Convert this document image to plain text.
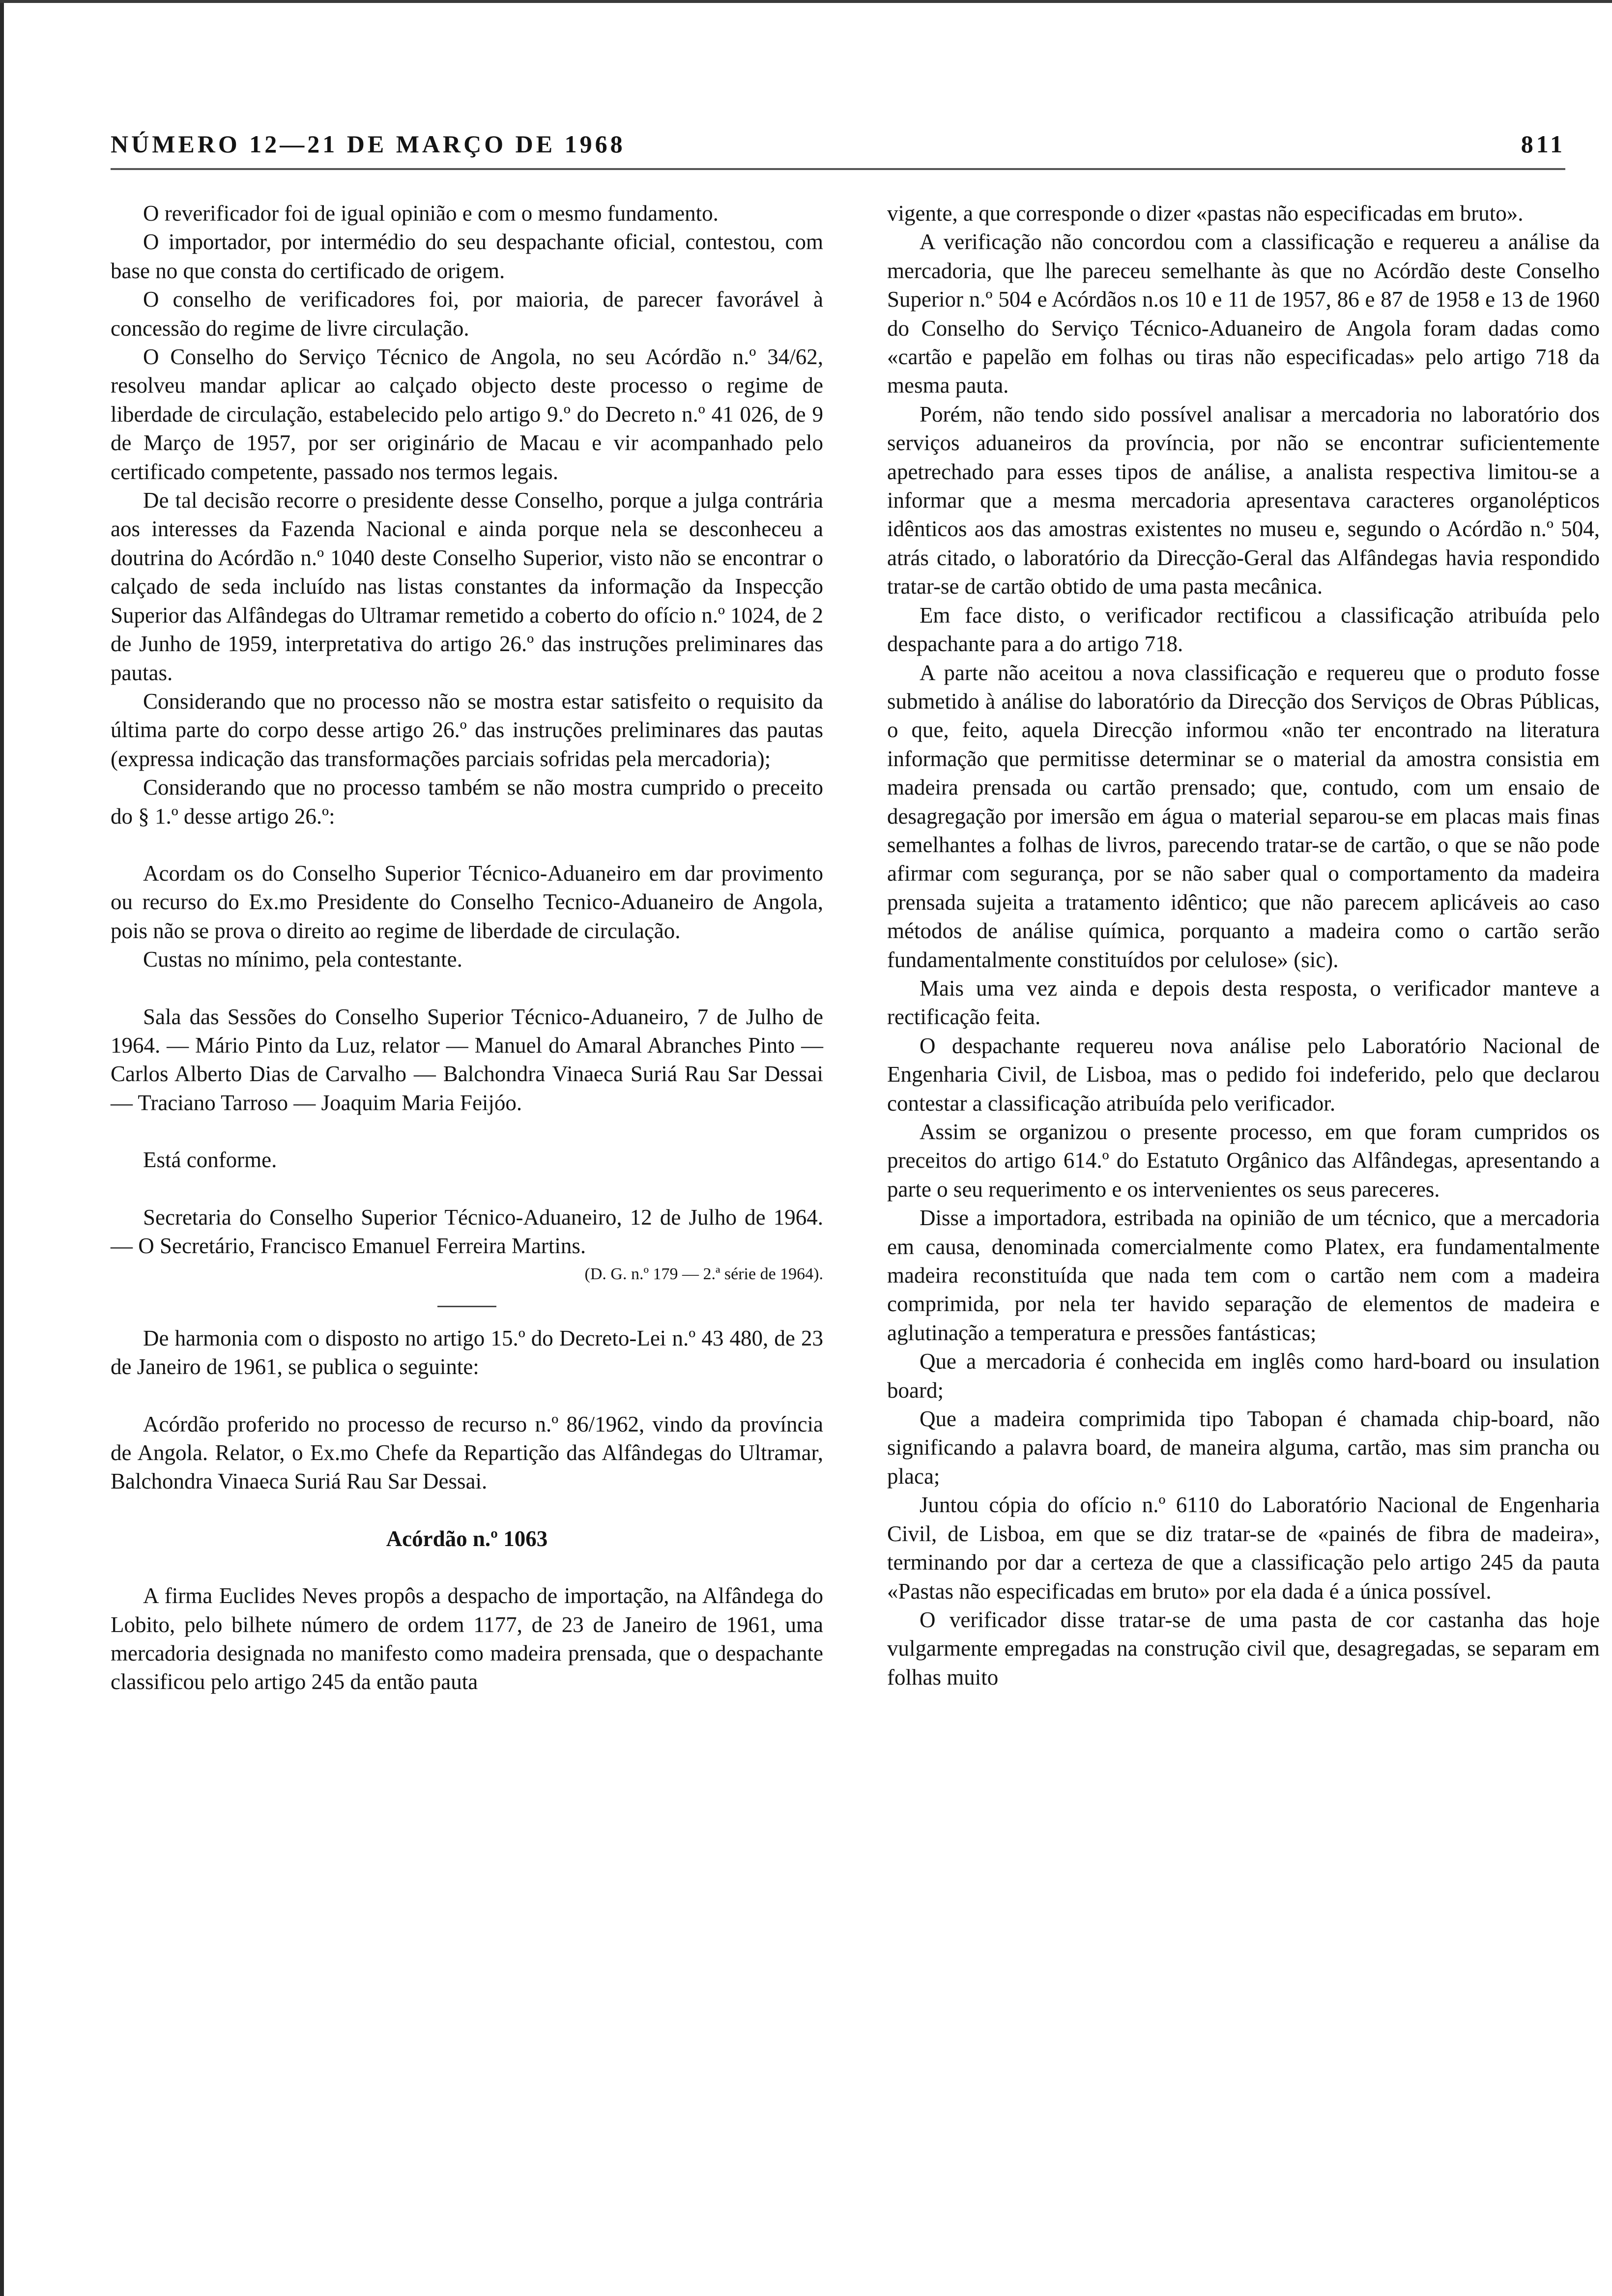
NÚMERO 12—21 DE MARÇO DE 1968	811

O reverificador foi de igual opinião e com o mesmo fundamento.

O importador, por intermédio do seu despachante oficial, contestou, com base no que consta do certificado de origem.

O conselho de verificadores foi, por maioria, de parecer favorável à concessão do regime de livre circulação.

O Conselho do Serviço Técnico de Angola, no seu Acórdão n.º 34/62, resolveu mandar aplicar ao calçado objecto deste processo o regime de liberdade de circulação, estabelecido pelo artigo 9.º do Decreto n.º 41 026, de 9 de Março de 1957, por ser originário de Macau e vir acompanhado pelo certificado competente, passado nos termos legais.

De tal decisão recorre o presidente desse Conselho, porque a julga contrária aos interesses da Fazenda Nacional e ainda porque nela se desconheceu a doutrina do Acórdão n.º 1040 deste Conselho Superior, visto não se encontrar o calçado de seda incluído nas listas constantes da informação da Inspecção Superior das Alfândegas do Ultramar remetido a coberto do ofício n.º 1024, de 2 de Junho de 1959, interpretativa do artigo 26.º das instruções preliminares das pautas.

Considerando que no processo não se mostra estar satisfeito o requisito da última parte do corpo desse artigo 26.º das instruções preliminares das pautas (expressa indicação das transformações parciais sofridas pela mercadoria);

Considerando que no processo também se não mostra cumprido o preceito do § 1.º desse artigo 26.º:

Acordam os do Conselho Superior Técnico-Aduaneiro em dar provimento ou recurso do Ex.mo Presidente do Conselho Tecnico-Aduaneiro de Angola, pois não se prova o direito ao regime de liberdade de circulação.

Custas no mínimo, pela contestante.

Sala das Sessões do Conselho Superior Técnico-Aduaneiro, 7 de Julho de 1964. — Mário Pinto da Luz, relator — Manuel do Amaral Abranches Pinto — Carlos Alberto Dias de Carvalho — Balchondra Vinaeca Suriá Rau Sar Dessai — Traciano Tarroso — Joaquim Maria Feijóo.

Está conforme.

Secretaria do Conselho Superior Técnico-Aduaneiro, 12 de Julho de 1964. — O Secretário, Francisco Emanuel Ferreira Martins.

(D. G. n.º 179 — 2.ª série de 1964).

De harmonia com o disposto no artigo 15.º do Decreto-Lei n.º 43 480, de 23 de Janeiro de 1961, se publica o seguinte:

Acórdão proferido no processo de recurso n.º 86/1962, vindo da província de Angola. Relator, o Ex.mo Chefe da Repartição das Alfândegas do Ultramar, Balchondra Vinaeca Suriá Rau Sar Dessai.

Acórdão n.º 1063

A firma Euclides Neves propôs a despacho de importação, na Alfândega do Lobito, pelo bilhete número de ordem 1177, de 23 de Janeiro de 1961, uma mercadoria designada no manifesto como madeira prensada, que o despachante classificou pelo artigo 245 da então pauta

vigente, a que corresponde o dizer «pastas não especificadas em bruto».

A verificação não concordou com a classificação e requereu a análise da mercadoria, que lhe pareceu semelhante às que no Acórdão deste Conselho Superior n.º 504 e Acórdãos n.os 10 e 11 de 1957, 86 e 87 de 1958 e 13 de 1960 do Conselho do Serviço Técnico-Aduaneiro de Angola foram dadas como «cartão e papelão em folhas ou tiras não especificadas» pelo artigo 718 da mesma pauta.

Porém, não tendo sido possível analisar a mercadoria no laboratório dos serviços aduaneiros da província, por não se encontrar suficientemente apetrechado para esses tipos de análise, a analista respectiva limitou-se a informar que a mesma mercadoria apresentava caracteres organolépticos idênticos aos das amostras existentes no museu e, segundo o Acórdão n.º 504, atrás citado, o laboratório da Direcção-Geral das Alfândegas havia respondido tratar-se de cartão obtido de uma pasta mecânica.

Em face disto, o verificador rectificou a classificação atribuída pelo despachante para a do artigo 718.

A parte não aceitou a nova classificação e requereu que o produto fosse submetido à análise do laboratório da Direcção dos Serviços de Obras Públicas, o que, feito, aquela Direcção informou «não ter encontrado na literatura informação que permitisse determinar se o material da amostra consistia em madeira prensada ou cartão prensado; que, contudo, com um ensaio de desagregação por imersão em água o material separou-se em placas mais finas semelhantes a folhas de livros, parecendo tratar-se de cartão, o que se não pode afirmar com segurança, por se não saber qual o comportamento da madeira prensada sujeita a tratamento idêntico; que não parecem aplicáveis ao caso métodos de análise química, porquanto a madeira como o cartão serão fundamentalmente constituídos por celulose» (sic).

Mais uma vez ainda e depois desta resposta, o verificador manteve a rectificação feita.

O despachante requereu nova análise pelo Laboratório Nacional de Engenharia Civil, de Lisboa, mas o pedido foi indeferido, pelo que declarou contestar a classificação atribuída pelo verificador.

Assim se organizou o presente processo, em que foram cumpridos os preceitos do artigo 614.º do Estatuto Orgânico das Alfândegas, apresentando a parte o seu requerimento e os intervenientes os seus pareceres.

Disse a importadora, estribada na opinião de um técnico, que a mercadoria em causa, denominada comercialmente como Platex, era fundamentalmente madeira reconstituída que nada tem com o cartão nem com a madeira comprimida, por nela ter havido separação de elementos de madeira e aglutinação a temperatura e pressões fantásticas;

Que a mercadoria é conhecida em inglês como hard-board ou insulation board;

Que a madeira comprimida tipo Tabopan é chamada chip-board, não significando a palavra board, de maneira alguma, cartão, mas sim prancha ou placa;

Juntou cópia do ofício n.º 6110 do Laboratório Nacional de Engenharia Civil, de Lisboa, em que se diz tratar-se de «painés de fibra de madeira», terminando por dar a certeza de que a classificação pelo artigo 245 da pauta «Pastas não especificadas em bruto» por ela dada é a única possível.

O verificador disse tratar-se de uma pasta de cor castanha das hoje vulgarmente empregadas na construção civil que, desagregadas, se separam em folhas muito
